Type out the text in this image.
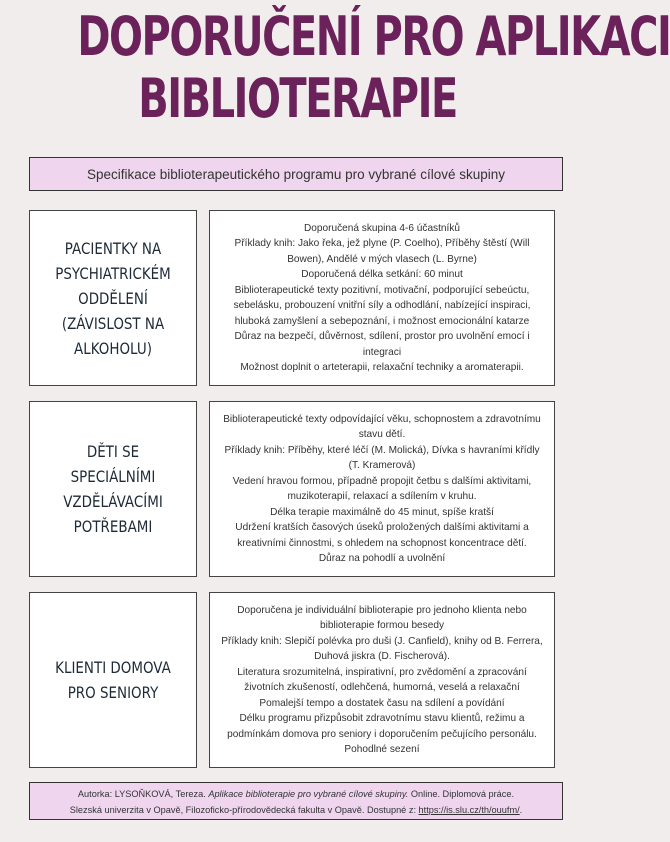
DOPORUČENÍ PRO APLIKACI
BIBLIOTERAPIE
Specifikace biblioterapeutického programu pro vybrané cílové skupiny
PACIENTKY NA PSYCHIATRICKÉM ODDĚLENÍ (ZÁVISLOST NA ALKOHOLU)
Doporučená skupina 4-6 účastníků
Příklady knih: Jako řeka, jež plyne (P. Coelho), Příběhy štěstí (Will Bowen), Andělé v mých vlasech (L. Byrne)
Doporučená délka setkání: 60 minut
Biblioterapeutické texty pozitivní, motivační, podporující sebeúctu, sebelásku, probouzení vnitřní síly a odhodlání, nabízející inspiraci, hluboká zamyšlení a sebepoznání, i možnost emocionální katarze
Důraz na bezpečí, důvěrnost, sdílení, prostor pro uvolnění emocí i integraci
Možnost doplnit o arteterapii, relaxační techniky a aromaterapii.
DĚTI SE SPECIÁLNÍMI VZDĚLÁVACÍMI POTŘEBAMI
Biblioterapeutické texty odpovídající věku, schopnostem a zdravotnímu stavu dětí.
Příklady knih: Příběhy, které léčí (M. Molická), Dívka s havraními křídly (T. Kramerová)
Vedení hravou formou, případně propojit četbu s dalšími aktivitami, muzikoterapií, relaxací a sdílením v kruhu.
Délka terapie maximálně do 45 minut, spíše kratší
Udržení kratších časových úseků proložených dalšími aktivitami a kreativními činnostmi, s ohledem na schopnost koncentrace dětí.
Důraz na pohodlí a uvolnění
KLIENTI DOMOVA PRO SENIORY
Doporučena je individuální biblioterapie pro jednoho klienta nebo biblioterapie formou besedy
Příklady knih: Slepičí polévka pro duši (J. Canfield), knihy od B. Ferrera, Duhová jiskra (D. Fischerová).
Literatura srozumitelná, inspirativní, pro zvědomění a zpracování životních zkušeností, odlehčená, humorná, veselá a relaxační
Pomalejší tempo a dostatek času na sdílení a povídání
Délku programu přizpůsobit zdravotnímu stavu klientů, režimu a podmínkám domova pro seniory i doporučením pečujícího personálu.
Pohodlné sezení
Autorka: LYSOŇKOVÁ, Tereza. Aplikace biblioterapie pro vybrané cílové skupiny. Online. Diplomová práce.
Slezská univerzita v Opavě, Filozoficko-přírodovědecká fakulta v Opavě. Dostupné z: https://is.slu.cz/th/ouufm/.
